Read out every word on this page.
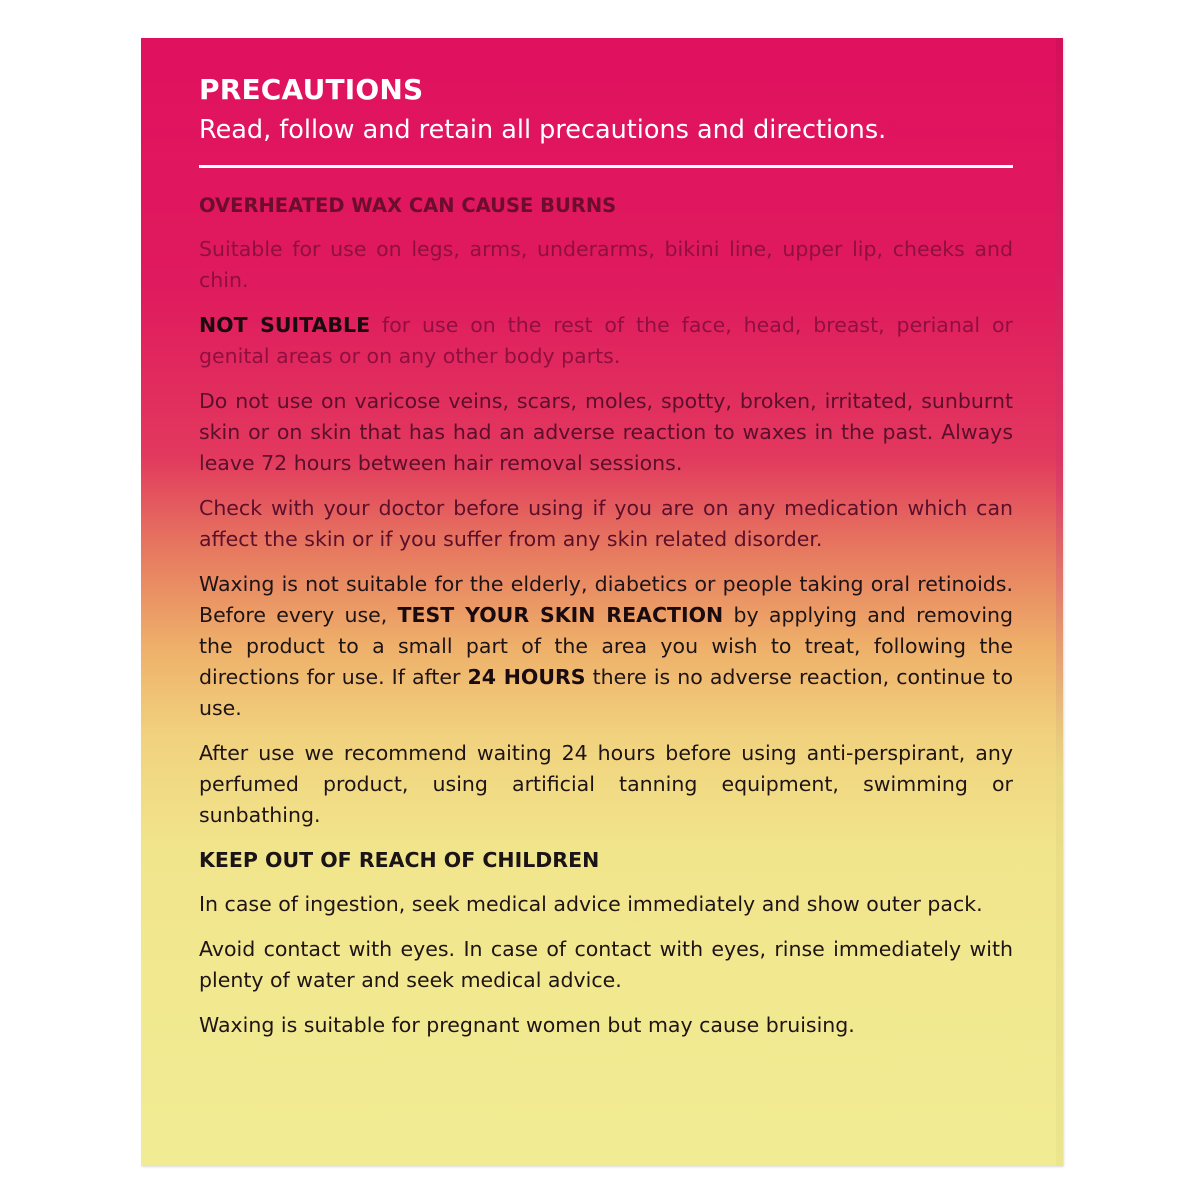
PRECAUTIONS
Read, follow and retain all precautions and directions.
OVERHEATED WAX CAN CAUSE BURNS

Suitable for use on legs, arms, underarms, bikini line, upper lip, cheeks and chin.

NOT SUITABLE for use on the rest of the face, head, breast, perianal or genital areas or on any other body parts.

Do not use on varicose veins, scars, moles, spotty, broken, irritated, sunburnt skin or on skin that has had an adverse reaction to waxes in the past. Always leave 72 hours between hair removal sessions.

Check with your doctor before using if you are on any medication which can affect the skin or if you suffer from any skin related disorder.

Waxing is not suitable for the elderly, diabetics or people taking oral retinoids. Before every use, TEST YOUR SKIN REACTION by applying and removing the product to a small part of the area you wish to treat, following the directions for use. If after 24 HOURS there is no adverse reaction, continue to use.

After use we recommend waiting 24 hours before using anti-perspirant, any perfumed product, using artificial tanning equipment, swimming or sunbathing.

KEEP OUT OF REACH OF CHILDREN

In case of ingestion, seek medical advice immediately and show outer pack.

Avoid contact with eyes. In case of contact with eyes, rinse immediately with plenty of water and seek medical advice.

Waxing is suitable for pregnant women but may cause bruising.
